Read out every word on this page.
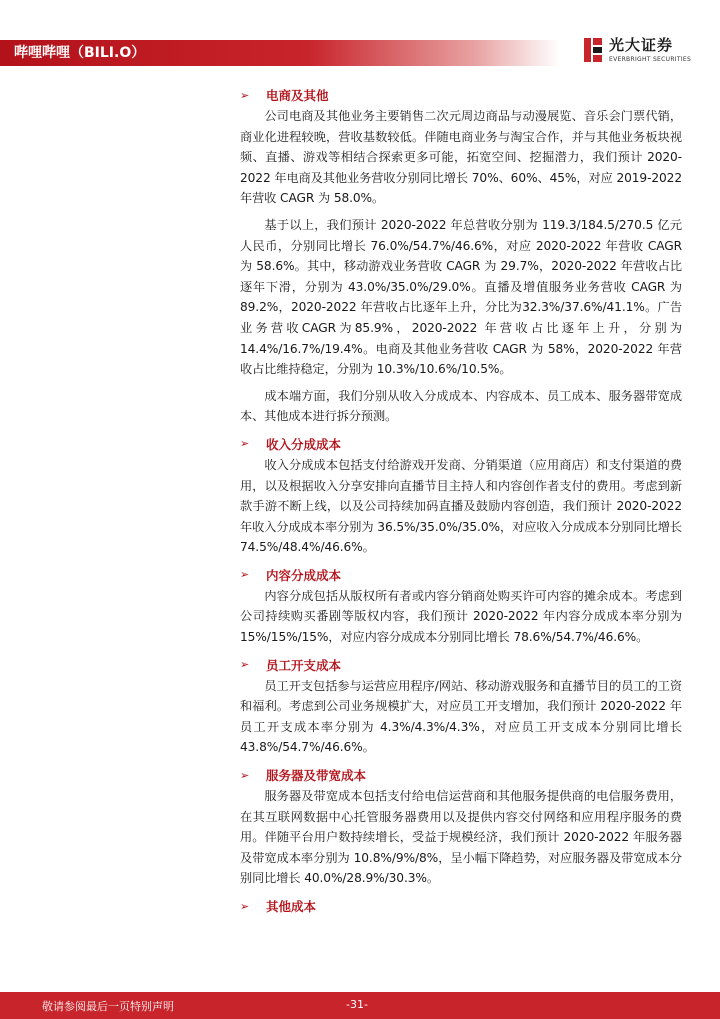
哔哩哔哩（BILI.O）	光大证券
EVERBRIGHT SECURITIES
➢	电商及其他

公司电商及其他业务主要销售二次元周边商品与动漫展览、音乐会门票代销，商业化进程较晚，营收基数较低。伴随电商业务与淘宝合作，并与其他业务板块视频、直播、游戏等相结合探索更多可能，拓宽空间、挖掘潜力，我们预计 2020-2022 年电商及其他业务营收分别同比增长 70%、60%、45%，对应 2019-2022 年营收 CAGR 为 58.0%。

基于以上，我们预计 2020-2022 年总营收分别为 119.3/184.5/270.5 亿元人民币，分别同比增长 76.0%/54.7%/46.6%，对应 2020-2022 年营收 CAGR 为 58.6%。其中，移动游戏业务营收 CAGR 为 29.7%，2020-2022 年营收占比逐年下滑，分别为 43.0%/35.0%/29.0%。直播及增值服务业务营收 CAGR 为 89.2%，2020-2022 年营收占比逐年上升，分比为32.3%/37.6%/41.1%。广告业务营收CAGR为85.9%，2020-2022 年营收占比逐年上升，分别为 14.4%/16.7%/19.4%。电商及其他业务营收 CAGR 为 58%，2020-2022 年营收占比维持稳定，分别为 10.3%/10.6%/10.5%。

成本端方面，我们分别从收入分成成本、内容成本、员工成本、服务器带宽成本、其他成本进行拆分预测。

➢	收入分成成本

收入分成成本包括支付给游戏开发商、分销渠道（应用商店）和支付渠道的费用，以及根据收入分享安排向直播节目主持人和内容创作者支付的费用。考虑到新款手游不断上线，以及公司持续加码直播及鼓励内容创造，我们预计 2020-2022 年收入分成成本率分别为 36.5%/35.0%/35.0%，对应收入分成成本分别同比增长 74.5%/48.4%/46.6%。

➢	内容分成成本

内容分成包括从版权所有者或内容分销商处购买许可内容的摊余成本。考虑到公司持续购买番剧等版权内容，我们预计 2020-2022 年内容分成成本率分别为 15%/15%/15%，对应内容分成成本分别同比增长 78.6%/54.7%/46.6%。

➢	员工开支成本

员工开支包括参与运营应用程序/网站、移动游戏服务和直播节目的员工的工资和福利。考虑到公司业务规模扩大，对应员工开支增加，我们预计 2020-2022 年员工开支成本率分别为 4.3%/4.3%/4.3%，对应员工开支成本分别同比增长 43.8%/54.7%/46.6%。

➢	服务器及带宽成本

服务器及带宽成本包括支付给电信运营商和其他服务提供商的电信服务费用，在其互联网数据中心托管服务器费用以及提供内容交付网络和应用程序服务的费用。伴随平台用户数持续增长，受益于规模经济，我们预计 2020-2022 年服务器及带宽成本率分别为 10.8%/9%/8%，呈小幅下降趋势，对应服务器及带宽成本分别同比增长 40.0%/28.9%/30.3%。

➢	其他成本
敬请参阅最后一页特别声明	-31-
